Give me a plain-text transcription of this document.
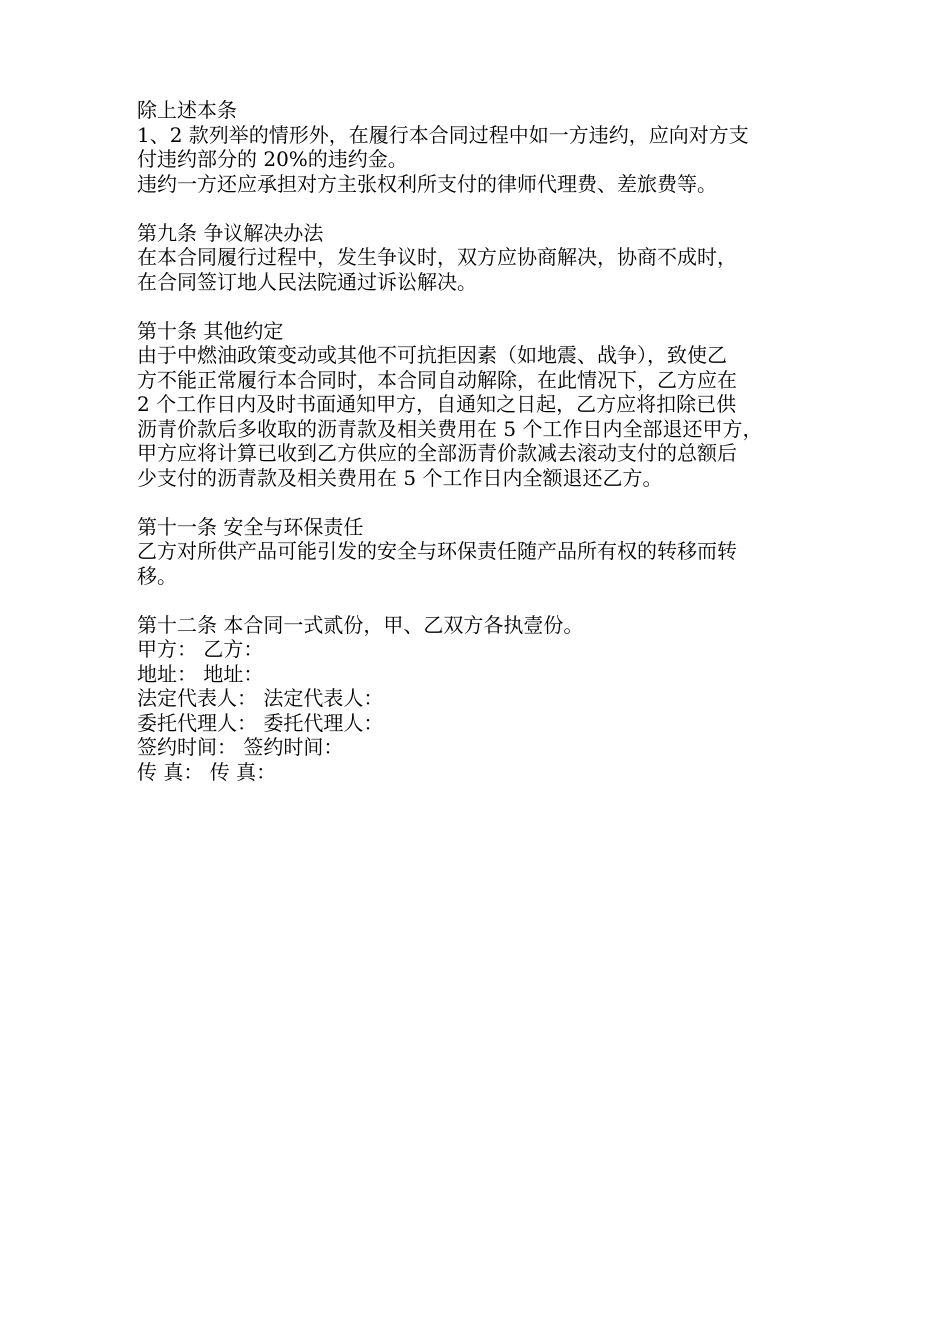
除上述本条
1、2 款列举的情形外，在履行本合同过程中如一方违约，应向对方支
付违约部分的 20%的违约金。
违约一方还应承担对方主张权利所支付的律师代理费、差旅费等。
第九条 争议解决办法
在本合同履行过程中，发生争议时，双方应协商解决，协商不成时，
在合同签订地人民法院通过诉讼解决。
第十条 其他约定
由于中燃油政策变动或其他不可抗拒因素（如地震、战争），致使乙
方不能正常履行本合同时，本合同自动解除，在此情况下，乙方应在
2 个工作日内及时书面通知甲方，自通知之日起，乙方应将扣除已供
沥青价款后多收取的沥青款及相关费用在 5 个工作日内全部退还甲方，
甲方应将计算已收到乙方供应的全部沥青价款减去滚动支付的总额后
少支付的沥青款及相关费用在 5 个工作日内全额退还乙方。
第十一条 安全与环保责任
乙方对所供产品可能引发的安全与环保责任随产品所有权的转移而转
移。
第十二条 本合同一式贰份，甲、乙双方各执壹份。
甲方： 乙方：
地址： 地址：
法定代表人： 法定代表人：
委托代理人： 委托代理人：
签约时间： 签约时间：
传 真： 传 真：
